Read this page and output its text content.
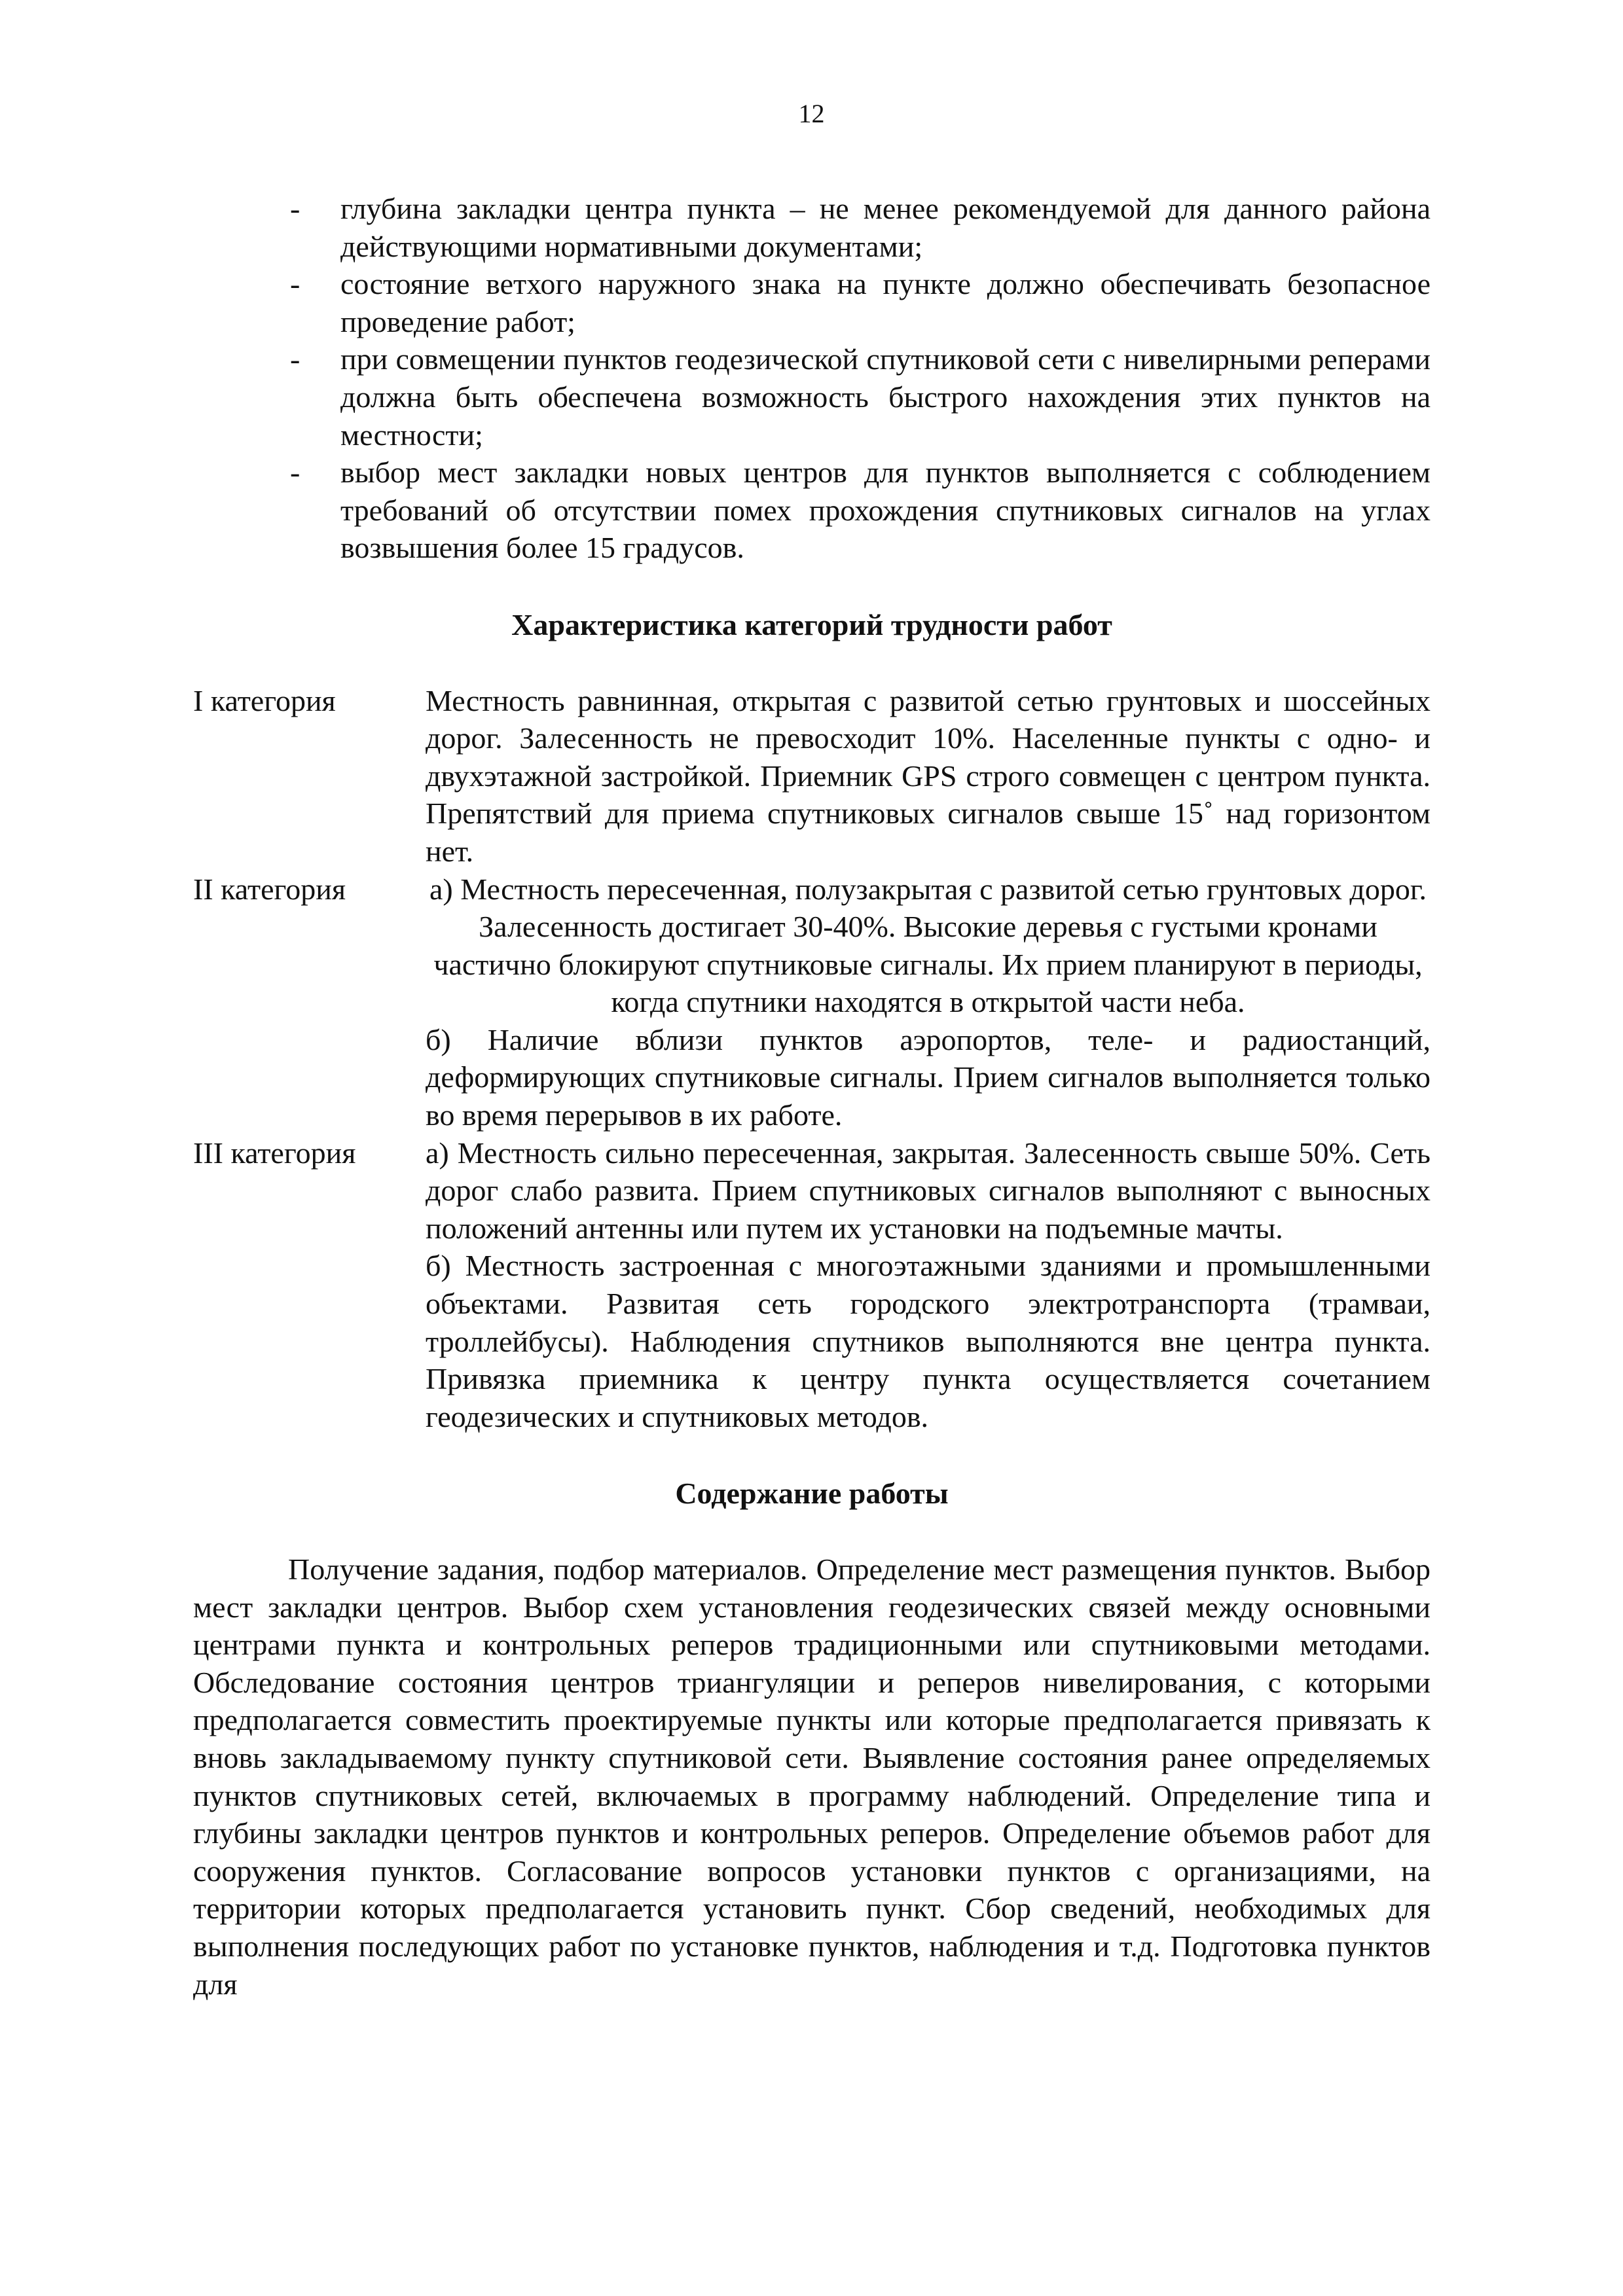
12
- глубина закладки центра пункта – не менее рекомендуемой для данного района действующими нормативными документами;
- состояние ветхого наружного знака на пункте должно обеспечивать безопасное проведение работ;
- при совмещении пунктов геодезической спутниковой сети с нивелирными реперами должна быть обеспечена возможность быстрого нахождения этих пунктов на местности;
- выбор мест закладки новых центров для пунктов выполняется с соблюдением требований об отсутствии помех прохождения спутниковых сигналов на углах возвышения более 15 градусов.
Характеристика категорий трудности работ
I категория	Местность равнинная, открытая с развитой сетью грунтовых и шоссейных дорог. Залесенность не превосходит 10%. Населенные пункты с одно- и двухэтажной застройкой. Приемник GPS строго совмещен с центром пункта. Препятствий для приема спутниковых сигналов свыше 15˚ над горизонтом нет.

II категория	а) Местность пересеченная, полузакрытая с развитой сетью грунтовых дорог. Залесенность достигает 30-40%. Высокие деревья с густыми кронами частично блокируют спутниковые сигналы. Их прием планируют в периоды, когда спутники находятся в открытой части неба.

б) Наличие вблизи пунктов аэропортов, теле- и радиостанций, деформирующих спутниковые сигналы. Прием сигналов выполняется только во время перерывов в их работе.

III категория	а) Местность сильно пересеченная, закрытая. Залесенность свыше 50%. Сеть дорог слабо развита. Прием спутниковых сигналов выполняют с выносных положений антенны или путем их установки на подъемные мачты.

б) Местность застроенная с многоэтажными зданиями и промышленными объектами. Развитая сеть городского электротранспорта (трамваи, троллейбусы). Наблюдения спутников выполняются вне центра пункта. Привязка приемника к центру пункта осуществляется сочетанием геодезических и спутниковых методов.

Содержание работы

Получение задания, подбор материалов. Определение мест размещения пунктов. Выбор мест закладки центров. Выбор схем установления геодезических связей между основными центрами пункта и контрольных реперов традиционными или спутниковыми методами. Обследование состояния центров триангуляции и реперов нивелирования, с которыми предполагается совместить проектируемые пункты или которые предполагается привязать к вновь закладываемому пункту спутниковой сети. Выявление состояния ранее определяемых пунктов спутниковых сетей, включаемых в программу наблюдений. Определение типа и глубины закладки центров пунктов и контрольных реперов. Определение объемов работ для сооружения пунктов. Согласование вопросов установки пунктов с организациями, на территории которых предполагается установить пункт. Сбор сведений, необходимых для выполнения последующих работ по установке пунктов, наблюдения и т.д. Подготовка пунктов для
